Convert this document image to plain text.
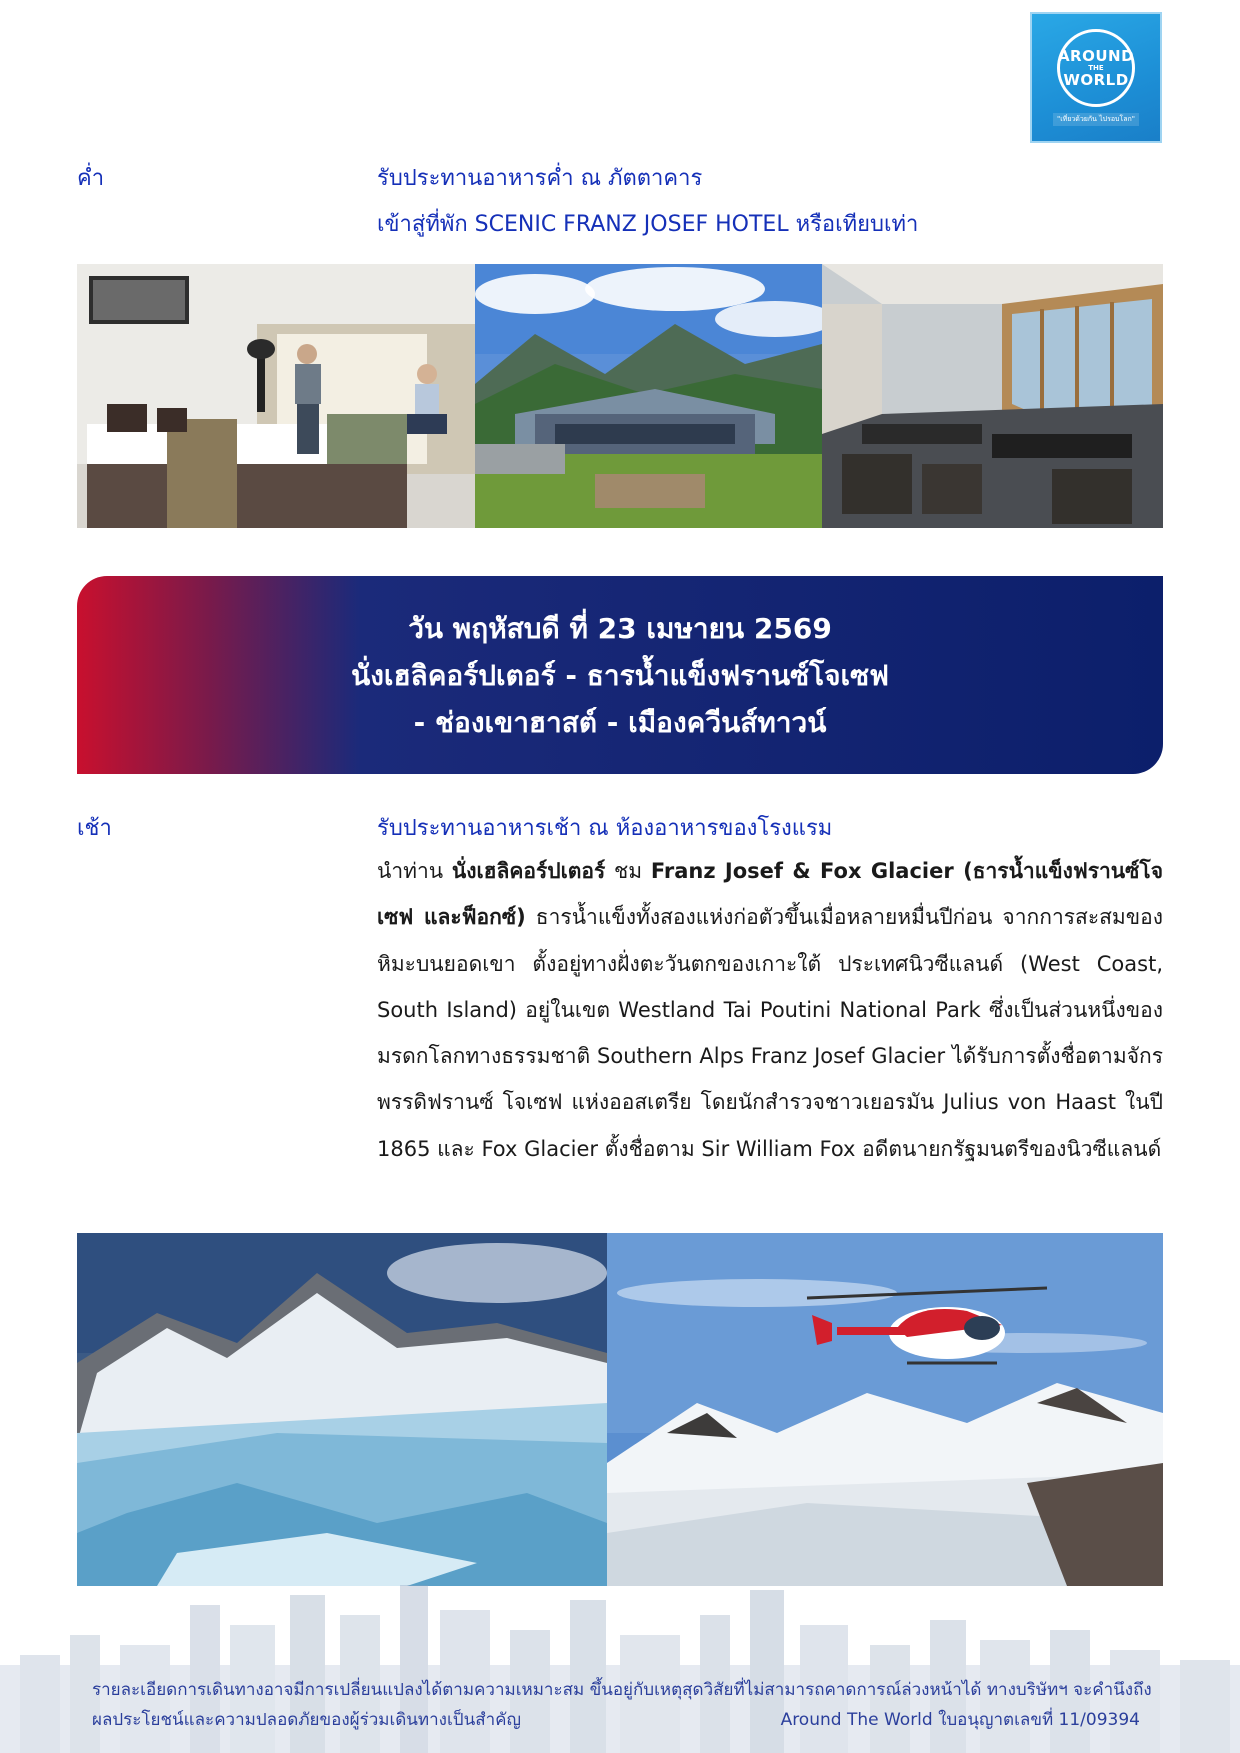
AROUND
THE
WORLD
"เที่ยวด้วยกัน ไปรอบโลก"
ค่ำ	รับประทานอาหารค่ำ ณ ภัตตาคาร
เข้าสู่ที่พัก SCENIC FRANZ JOSEF HOTEL หรือเทียบเท่า
วัน พฤหัสบดี ที่ 23 เมษายน 2569
นั่งเฮลิคอร์ปเตอร์ - ธารน้ำแข็งฟรานซ์โจเซฟ
- ช่องเขาฮาสต์ - เมืองควีนส์ทาวน์
เช้า	รับประทานอาหารเช้า ณ ห้องอาหารของโรงแรม
นำท่าน นั่งเฮลิคอร์ปเตอร์ ชม Franz Josef & Fox Glacier (ธารน้ำแข็งฟรานซ์โจเซฟ และฟ็อกซ์) ธารน้ำแข็งทั้งสองแห่งก่อตัวขึ้นเมื่อหลายหมื่นปีก่อน จากการสะสมของหิมะบนยอดเขา ตั้งอยู่ทางฝั่งตะวันตกของเกาะใต้ ประเทศนิวซีแลนด์ (West Coast, South Island) อยู่ในเขต Westland Tai Poutini National Park ซึ่งเป็นส่วนหนึ่งของมรดกโลกทางธรรมชาติ Southern Alps Franz Josef Glacier ได้รับการตั้งชื่อตามจักรพรรดิฟรานซ์ โจเซฟ แห่งออสเตรีย โดยนักสำรวจชาวเยอรมัน Julius von Haast ในปี 1865 และ Fox Glacier ตั้งชื่อตาม Sir William Fox อดีตนายกรัฐมนตรีของนิวซีแลนด์
รายละเอียดการเดินทางอาจมีการเปลี่ยนแปลงได้ตามความเหมาะสม ขึ้นอยู่กับเหตุสุดวิสัยที่ไม่สามารถคาดการณ์ล่วงหน้าได้ ทางบริษัทฯ จะคำนึงถึง
ผลประโยชน์และความปลอดภัยของผู้ร่วมเดินทางเป็นสำคัญ	Around The World ใบอนุญาตเลขที่ 11/09394
